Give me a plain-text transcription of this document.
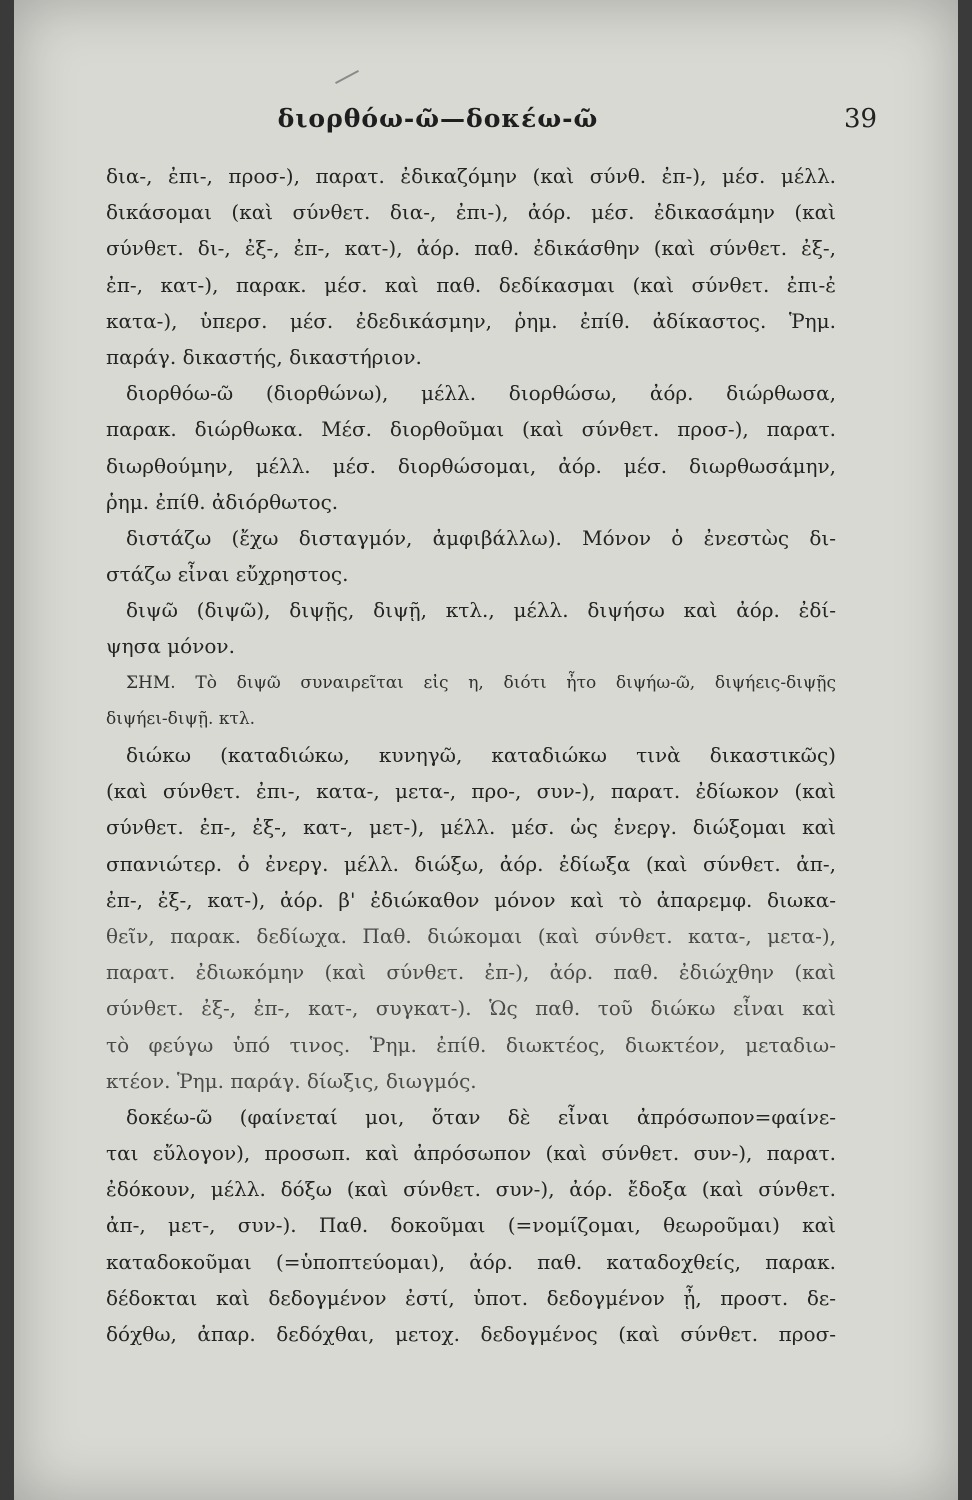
διορθόω-ῶ—δοκέω-ῶ	39
δια-, ἐπι-, προσ-), παρατ. ἐδικαζόμην (καὶ σύνθ. ἐπ-), μέσ. μέλλ.
δικάσομαι (καὶ σύνθετ. δια-, ἐπι-), ἀόρ. μέσ. ἐδικασάμην (καὶ
σύνθετ. δι-, ἐξ-, ἐπ-, κατ-), ἀόρ. παθ. ἐδικάσθην (καὶ σύνθετ. ἐξ-,
ἐπ-, κατ-), παρακ. μέσ. καὶ παθ. δεδίκασμαι (καὶ σύνθετ. ἐπι-ἐ
κατα-), ὑπερσ. μέσ. ἐδεδικάσμην, ῥημ. ἐπίθ. ἀδίκαστος. Ῥημ.
παράγ. δικαστής, δικαστήριον.
διορθόω-ῶ (διορθώνω), μέλλ. διορθώσω, ἀόρ. διώρθωσα,
παρακ. διώρθωκα. Μέσ. διορθοῦμαι (καὶ σύνθετ. προσ-), παρατ.
διωρθούμην, μέλλ. μέσ. διορθώσομαι, ἀόρ. μέσ. διωρθωσάμην,
ῥημ. ἐπίθ. ἀδιόρθωτος.
διστάζω (ἔχω δισταγμόν, ἀμφιβάλλω). Μόνον ὁ ἐνεστὼς δι-
στάζω εἶναι εὔχρηστος.
διψῶ (διψῶ), διψῇς, διψῇ, κτλ., μέλλ. διψήσω καὶ ἀόρ. ἐδί-
ψησα μόνον.
ΣΗΜ. Τὸ διψῶ συναιρεῖται εἰς η, διότι ἦτο διψήω-ῶ, διψήεις-διψῇς
διψήει-διψῇ. κτλ.
διώκω (καταδιώκω, κυνηγῶ, καταδιώκω τινὰ δικαστικῶς)
(καὶ σύνθετ. ἐπι-, κατα-, μετα-, προ-, συν-), παρατ. ἐδίωκον (καὶ
σύνθετ. ἐπ-, ἐξ-, κατ-, μετ-), μέλλ. μέσ. ὡς ἐνεργ. διώξομαι καὶ
σπανιώτερ. ὁ ἐνεργ. μέλλ. διώξω, ἀόρ. ἐδίωξα (καὶ σύνθετ. ἀπ-,
ἐπ-, ἐξ-, κατ-), ἀόρ. β' ἐδιώκαθον μόνον καὶ τὸ ἀπαρεμφ. διωκα-
θεῖν, παρακ. δεδίωχα. Παθ. διώκομαι (καὶ σύνθετ. κατα-, μετα-),
παρατ. ἐδιωκόμην (καὶ σύνθετ. ἐπ-), ἀόρ. παθ. ἐδιώχθην (καὶ
σύνθετ. ἐξ-, ἐπ-, κατ-, συγκατ-). Ὡς παθ. τοῦ διώκω εἶναι καὶ
τὸ φεύγω ὑπό τινος. Ῥημ. ἐπίθ. διωκτέος, διωκτέον, μεταδιω-
κτέον. Ῥημ. παράγ. δίωξις, διωγμός.
δοκέω-ῶ (φαίνεταί μοι, ὅταν δὲ εἶναι ἀπρόσωπον=φαίνε-
ται εὔλογον), προσωπ. καὶ ἀπρόσωπον (καὶ σύνθετ. συν-), παρατ.
ἐδόκουν, μέλλ. δόξω (καὶ σύνθετ. συν-), ἀόρ. ἔδοξα (καὶ σύνθετ.
ἀπ-, μετ-, συν-). Παθ. δοκοῦμαι (=νομίζομαι, θεωροῦμαι) καὶ
καταδοκοῦμαι (=ὑποπτεύομαι), ἀόρ. παθ. καταδοχθείς, παρακ.
δέδοκται καὶ δεδογμένον ἐστί, ὑποτ. δεδογμένον ᾖ, προστ. δε-
δόχθω, ἀπαρ. δεδόχθαι, μετοχ. δεδογμένος (καὶ σύνθετ. προσ-
